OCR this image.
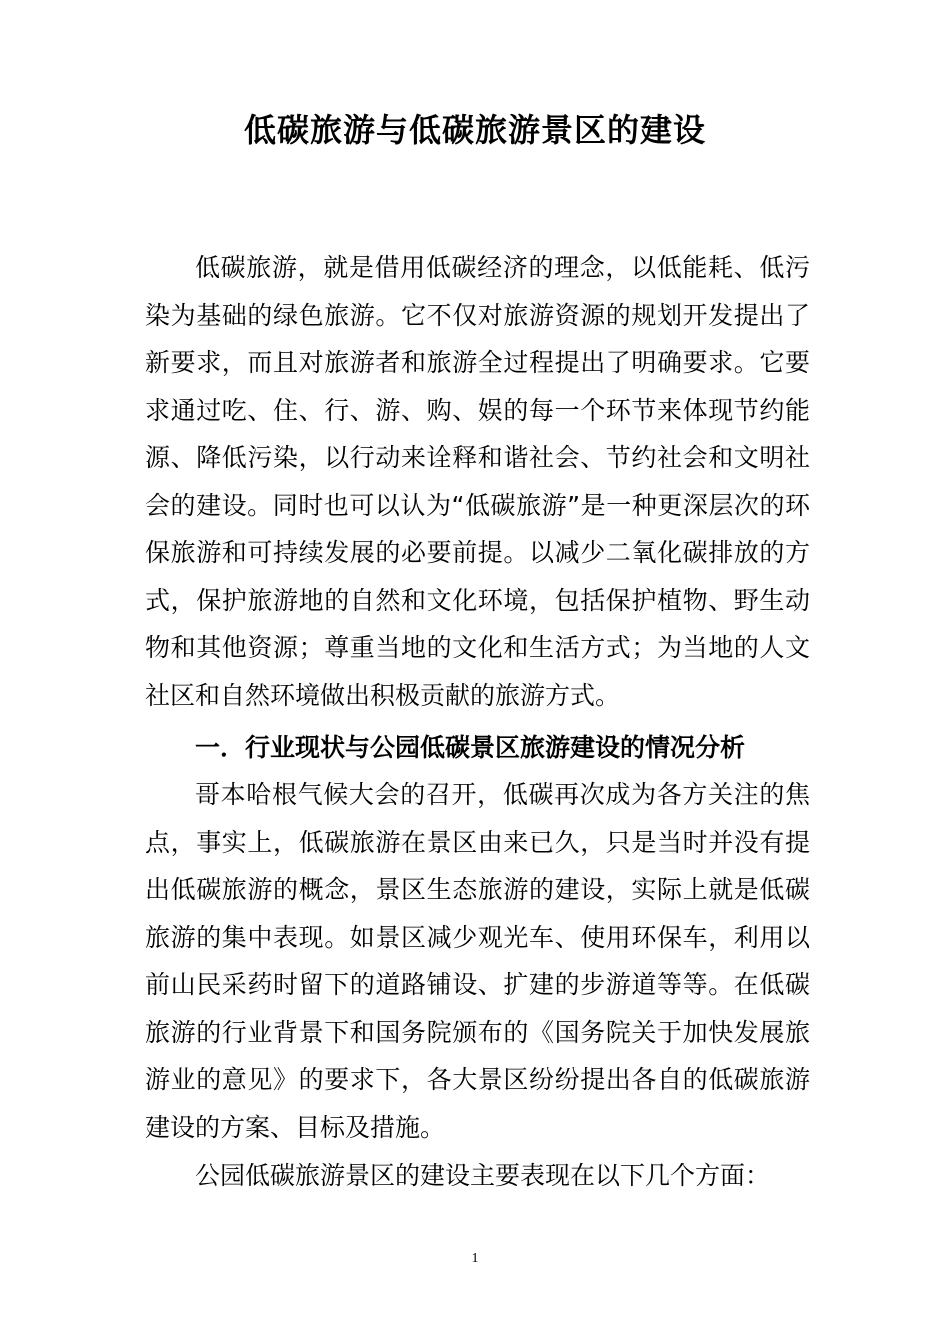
低碳旅游与低碳旅游景区的建设

低碳旅游，就是借用低碳经济的理念，以低能耗、低污染为基础的绿色旅游。它不仅对旅游资源的规划开发提出了新要求，而且对旅游者和旅游全过程提出了明确要求。它要求通过吃、住、行、游、购、娱的每一个环节来体现节约能源、降低污染，以行动来诠释和谐社会、节约社会和文明社会的建设。同时也可以认为“低碳旅游”是一种更深层次的环保旅游和可持续发展的必要前提。以减少二氧化碳排放的方式，保护旅游地的自然和文化环境，包括保护植物、野生动物和其他资源；尊重当地的文化和生活方式；为当地的人文社区和自然环境做出积极贡献的旅游方式。

一．行业现状与公园低碳景区旅游建设的情况分析

哥本哈根气候大会的召开，低碳再次成为各方关注的焦点，事实上，低碳旅游在景区由来已久，只是当时并没有提出低碳旅游的概念，景区生态旅游的建设，实际上就是低碳旅游的集中表现。如景区减少观光车、使用环保车，利用以前山民采药时留下的道路铺设、扩建的步游道等等。在低碳旅游的行业背景下和国务院颁布的《国务院关于加快发展旅游业的意见》的要求下，各大景区纷纷提出各自的低碳旅游建设的方案、目标及措施。

公园低碳旅游景区的建设主要表现在以下几个方面：

1
